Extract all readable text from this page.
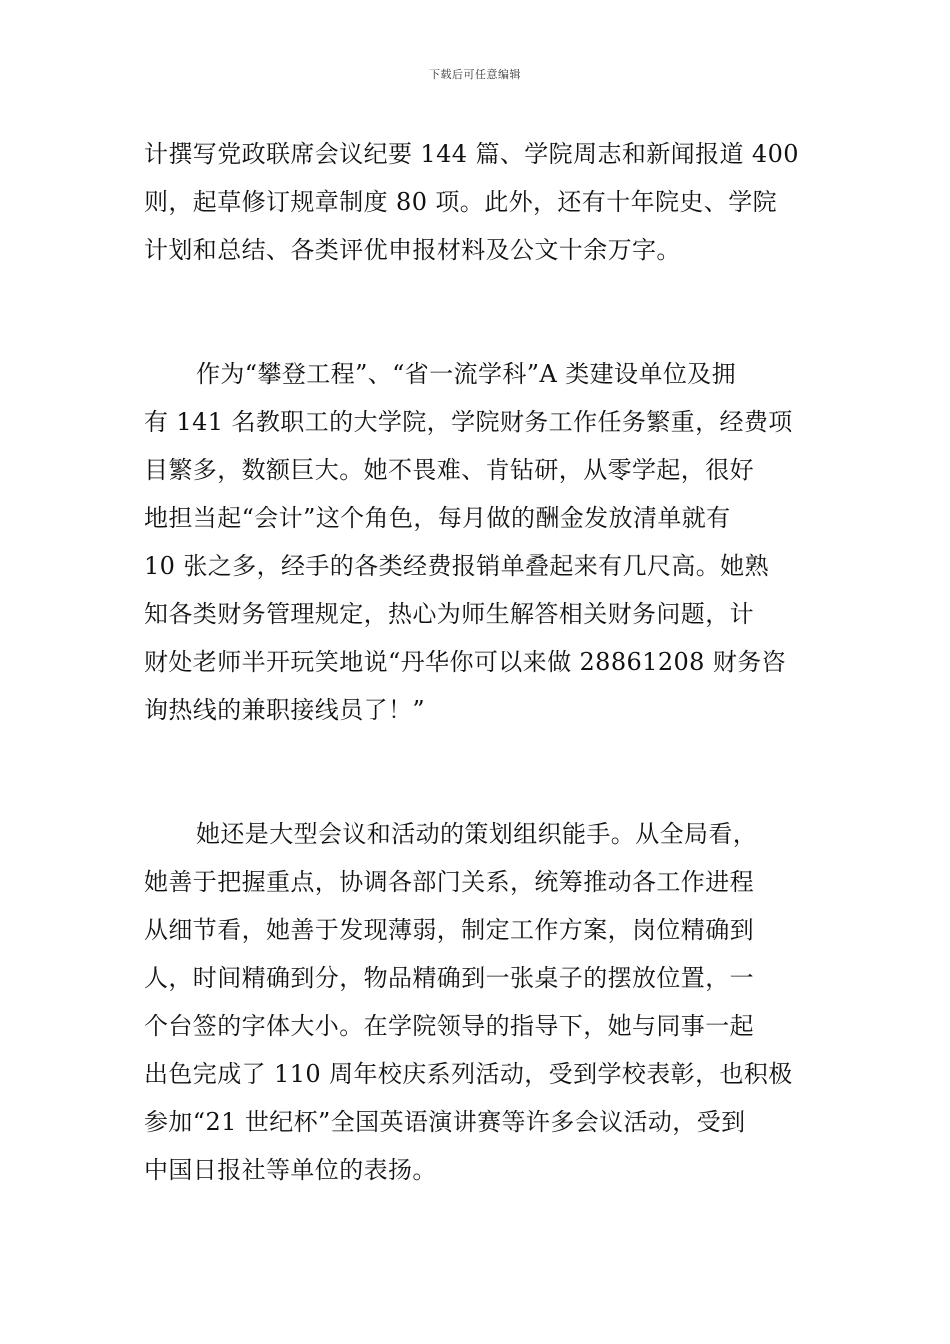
下载后可任意编辑
计撰写党政联席会议纪要 144 篇、学院周志和新闻报道 400
则，起草修订规章制度 80 项。此外，还有十年院史、学院
计划和总结、各类评优申报材料及公文十余万字。
作为“攀登工程”、“省一流学科”A 类建设单位及拥
有 141 名教职工的大学院，学院财务工作任务繁重，经费项
目繁多，数额巨大。她不畏难、肯钻研，从零学起，很好
地担当起“会计”这个角色，每月做的酬金发放清单就有
10 张之多，经手的各类经费报销单叠起来有几尺高。她熟
知各类财务管理规定，热心为师生解答相关财务问题，计
财处老师半开玩笑地说“丹华你可以来做 28861208 财务咨
询热线的兼职接线员了！”
她还是大型会议和活动的策划组织能手。从全局看，
她善于把握重点，协调各部门关系，统筹推动各工作进程
从细节看，她善于发现薄弱，制定工作方案，岗位精确到
人，时间精确到分，物品精确到一张桌子的摆放位置，一
个台签的字体大小。在学院领导的指导下，她与同事一起
出色完成了 110 周年校庆系列活动，受到学校表彰，也积极
参加“21 世纪杯”全国英语演讲赛等许多会议活动，受到
中国日报社等单位的表扬。
